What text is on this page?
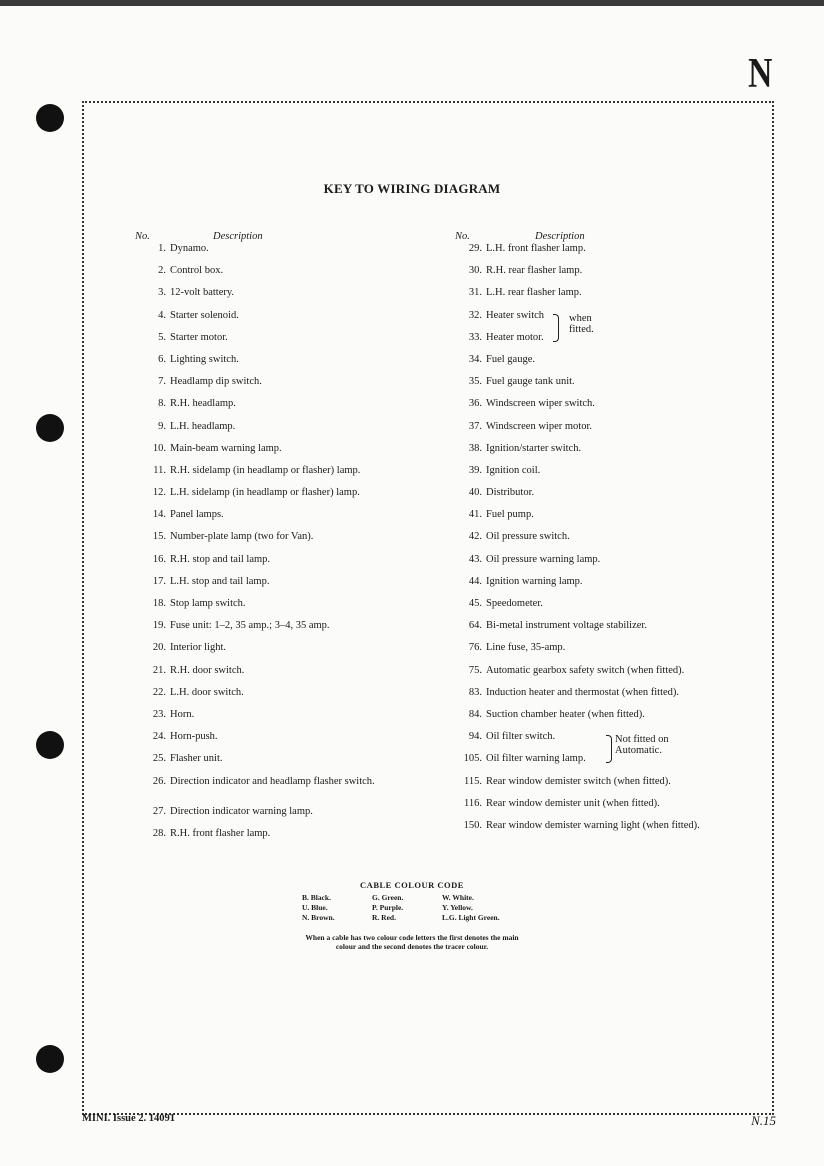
N
KEY TO WIRING DIAGRAM
No.	Description
1. Dynamo.
2. Control box.
3. 12-volt battery.
4. Starter solenoid.
5. Starter motor.
6. Lighting switch.
7. Headlamp dip switch.
8. R.H. headlamp.
9. L.H. headlamp.
10. Main-beam warning lamp.
11. R.H. sidelamp (in headlamp or flasher) lamp.
12. L.H. sidelamp (in headlamp or flasher) lamp.
14. Panel lamps.
15. Number-plate lamp (two for Van).
16. R.H. stop and tail lamp.
17. L.H. stop and tail lamp.
18. Stop lamp switch.
19. Fuse unit: 1–2, 35 amp.; 3–4, 35 amp.
20. Interior light.
21. R.H. door switch.
22. L.H. door switch.
23. Horn.
24. Horn-push.
25. Flasher unit.
26. Direction indicator and headlamp flasher switch.
27. Direction indicator warning lamp.
28. R.H. front flasher lamp.
No.	Description
29. L.H. front flasher lamp.
30. R.H. rear flasher lamp.
31. L.H. rear flasher lamp.
32. Heater switch
33. Heater motor.
when fitted.
34. Fuel gauge.
35. Fuel gauge tank unit.
36. Windscreen wiper switch.
37. Windscreen wiper motor.
38. Ignition/starter switch.
39. Ignition coil.
40. Distributor.
41. Fuel pump.
42. Oil pressure switch.
43. Oil pressure warning lamp.
44. Ignition warning lamp.
45. Speedometer.
64. Bi-metal instrument voltage stabilizer.
76. Line fuse, 35-amp.
75. Automatic gearbox safety switch (when fitted).
83. Induction heater and thermostat (when fitted).
84. Suction chamber heater (when fitted).
94. Oil filter switch.
105. Oil filter warning lamp.
Not fitted on Automatic.
115. Rear window demister switch (when fitted).
116. Rear window demister unit (when fitted).
150. Rear window demister warning light (when fitted).
CABLE COLOUR CODE
B. Black.	G. Green.	W. White.
U. Blue.	P. Purple.	Y. Yellow.
N. Brown.	R. Red.	L.G. Light Green.
When a cable has two colour code letters the first denotes the main
colour and the second denotes the tracer colour.
MINI. Issue 2. 14091	N.15
